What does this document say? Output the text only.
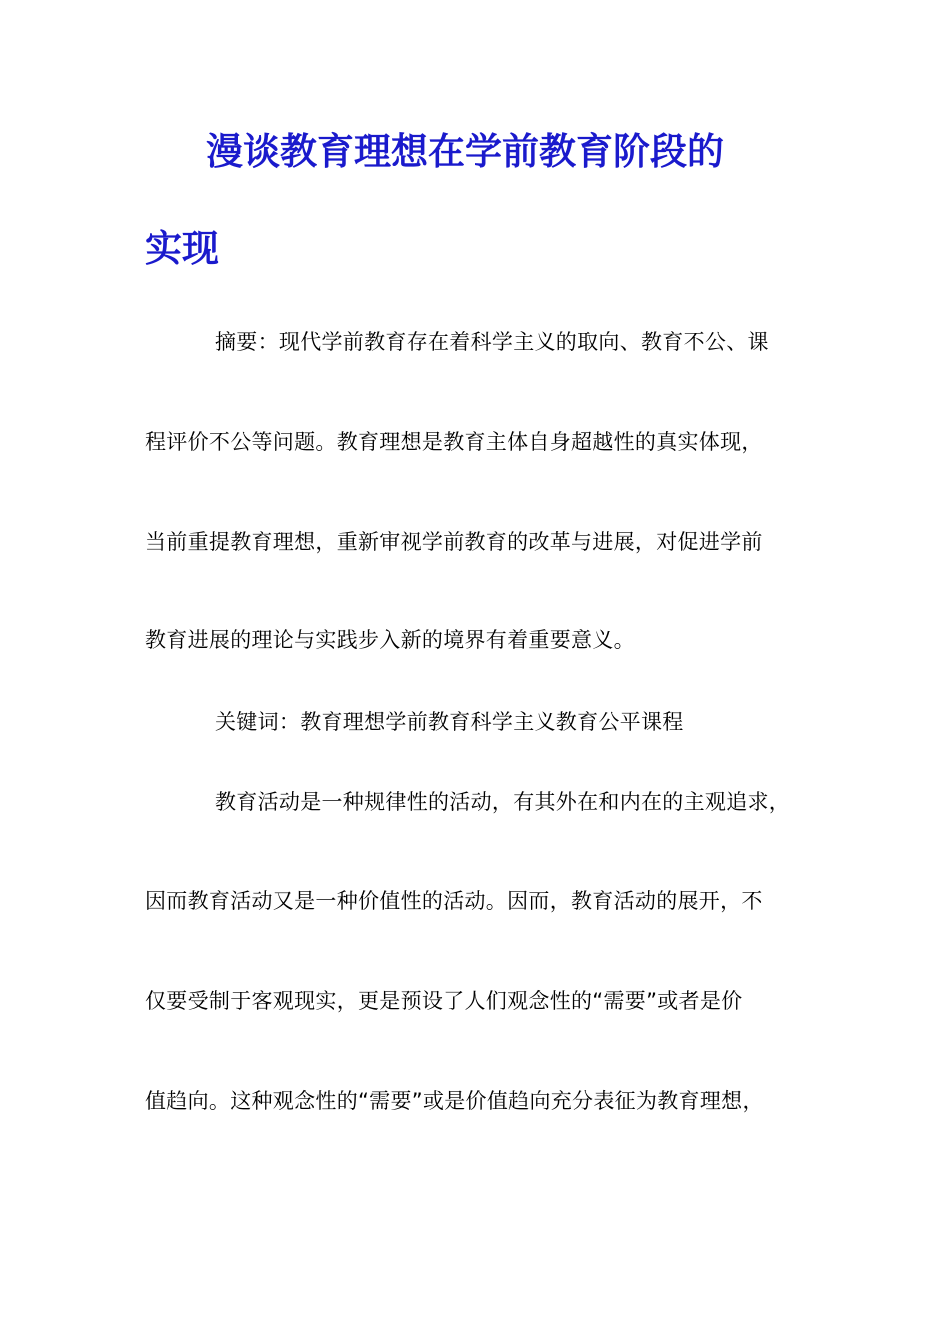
漫谈教育理想在学前教育阶段的
实现
摘要：现代学前教育存在着科学主义的取向、教育不公、课
程评价不公等问题。教育理想是教育主体自身超越性的真实体现，
当前重提教育理想，重新审视学前教育的改革与进展，对促进学前
教育进展的理论与实践步入新的境界有着重要意义。
关键词：教育理想学前教育科学主义教育公平课程
教育活动是一种规律性的活动，有其外在和内在的主观追求，
因而教育活动又是一种价值性的活动。因而，教育活动的展开，不
仅要受制于客观现实，更是预设了人们观念性的“需要”或者是价
值趋向。这种观念性的“需要”或是价值趋向充分表征为教育理想，
